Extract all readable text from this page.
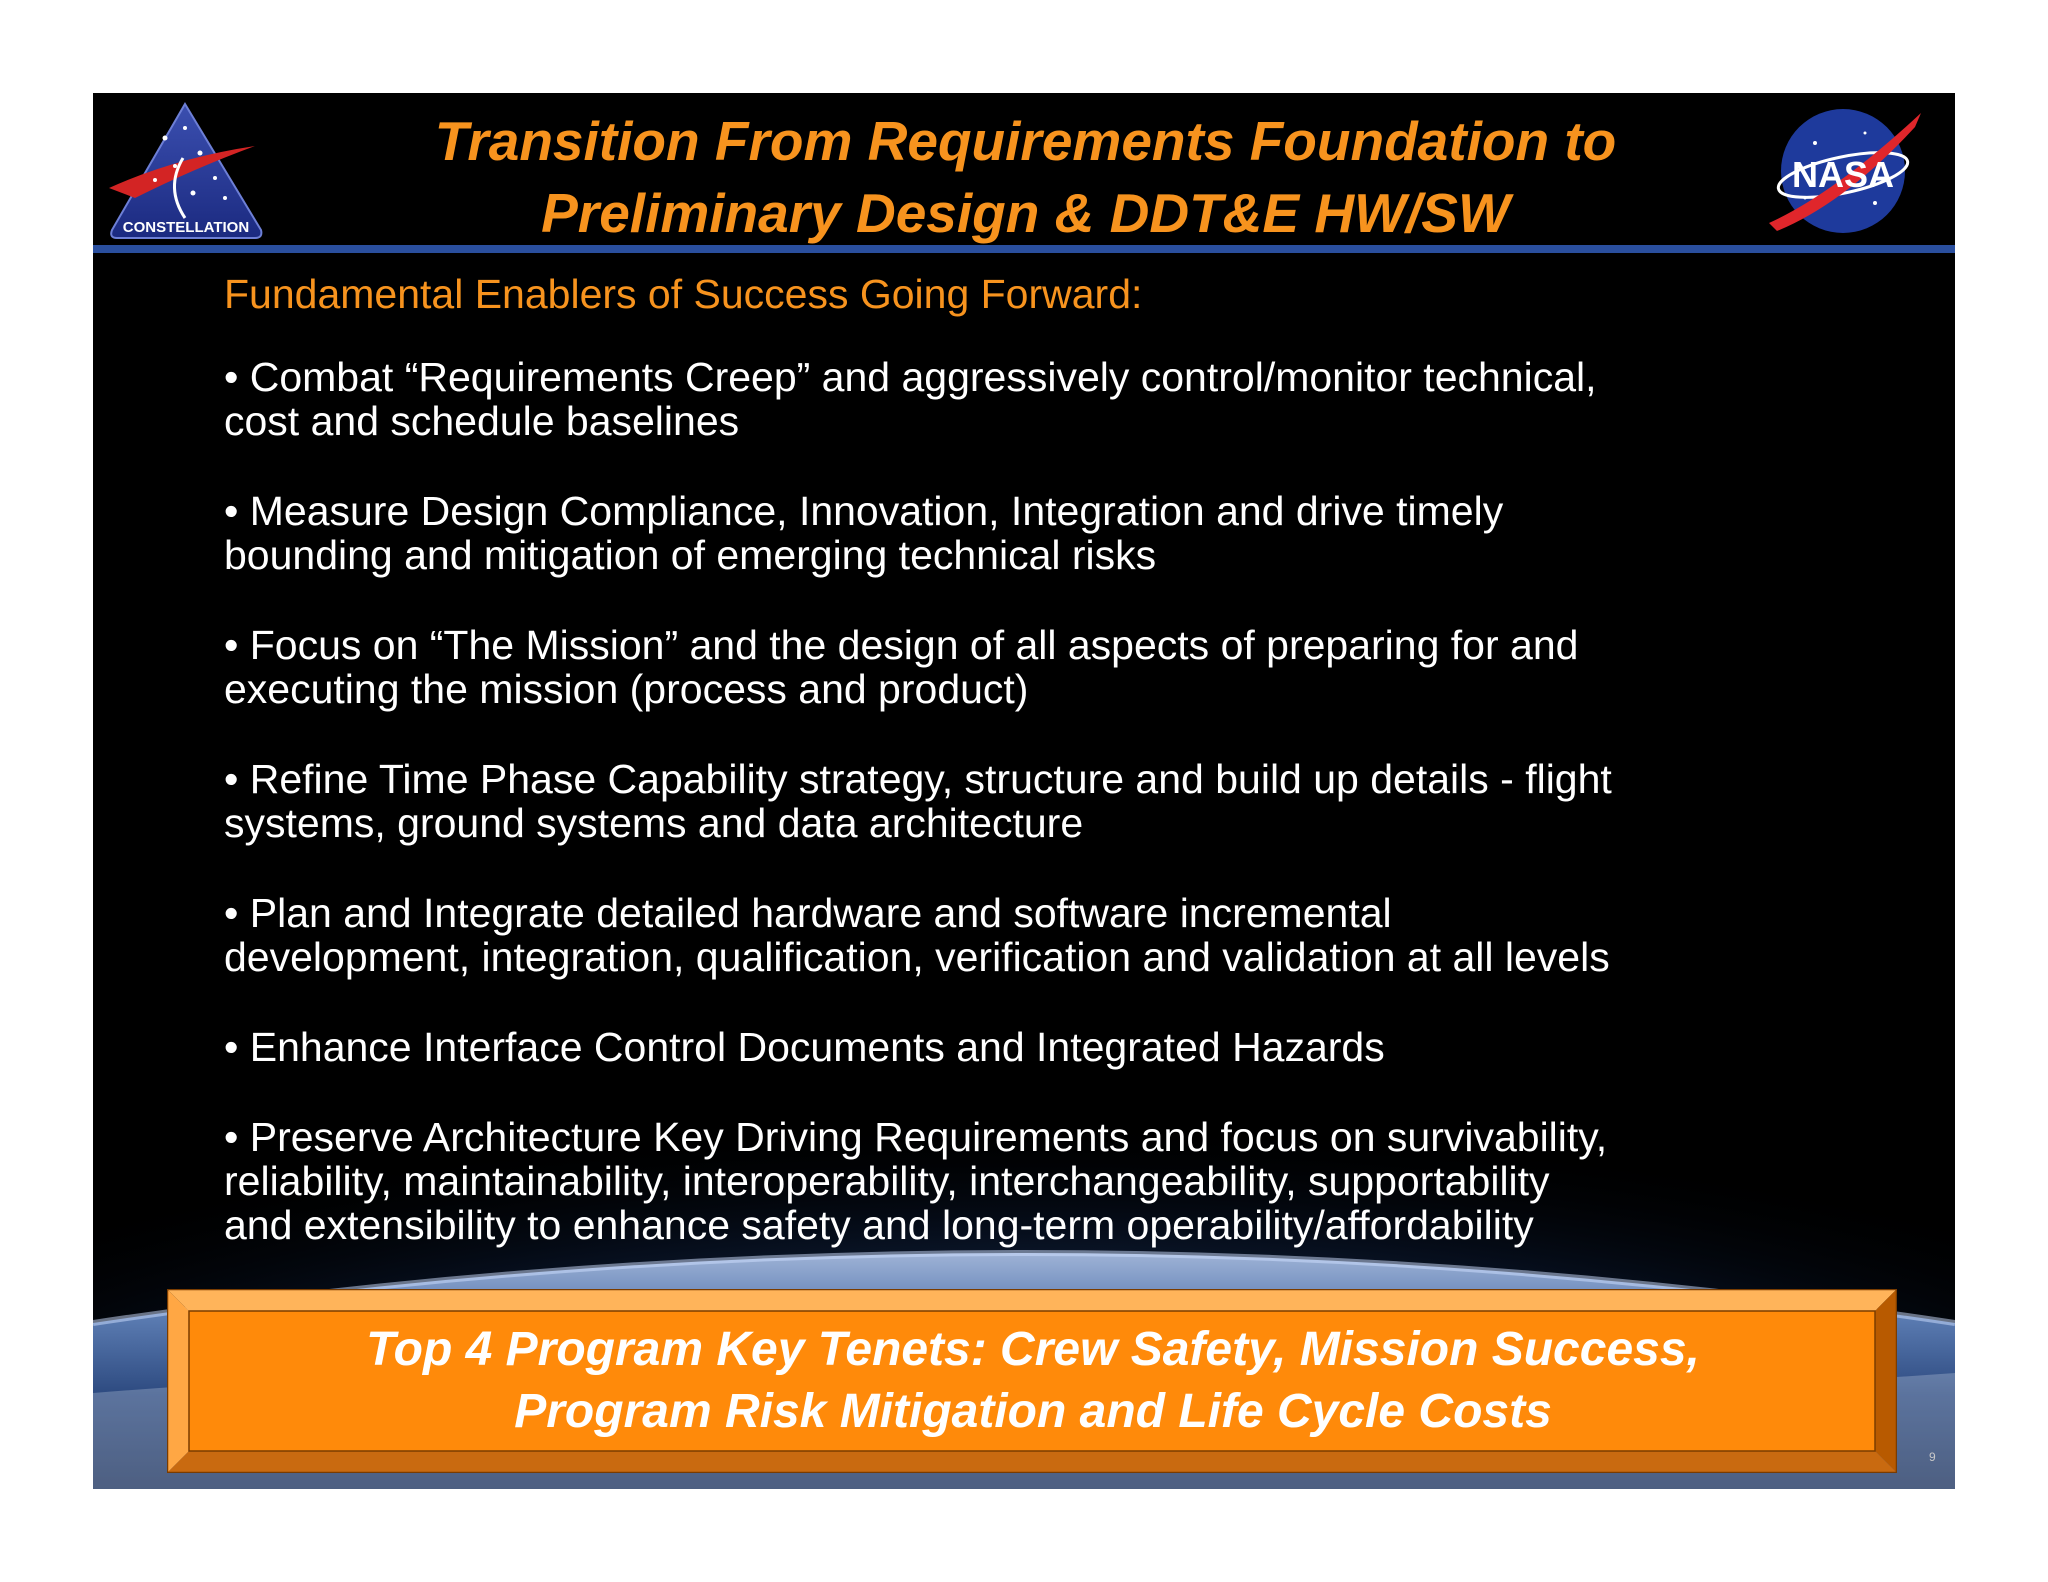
CONSTELLATION
Transition From Requirements Foundation to
Preliminary Design & DDT&E HW/SW
NASA
Fundamental Enablers of Success Going Forward:
• Combat “Requirements Creep” and aggressively control/monitor technical,
cost and schedule baselines
• Measure Design Compliance, Innovation, Integration and drive timely
bounding and mitigation of emerging technical risks
• Focus on “The Mission” and the design of all aspects of preparing for and
executing the mission (process and product)
• Refine Time Phase Capability strategy, structure and build up details - flight
systems, ground systems and data architecture
• Plan and Integrate detailed hardware and software incremental
development, integration, qualification, verification and validation at all levels
• Enhance Interface Control Documents and Integrated Hazards
• Preserve Architecture Key Driving Requirements and focus on survivability,
reliability, maintainability, interoperability, interchangeability, supportability
and extensibility to enhance safety and long-term operability/affordability
Top 4 Program Key Tenets: Crew Safety, Mission Success,
Program Risk Mitigation and Life Cycle Costs
9
